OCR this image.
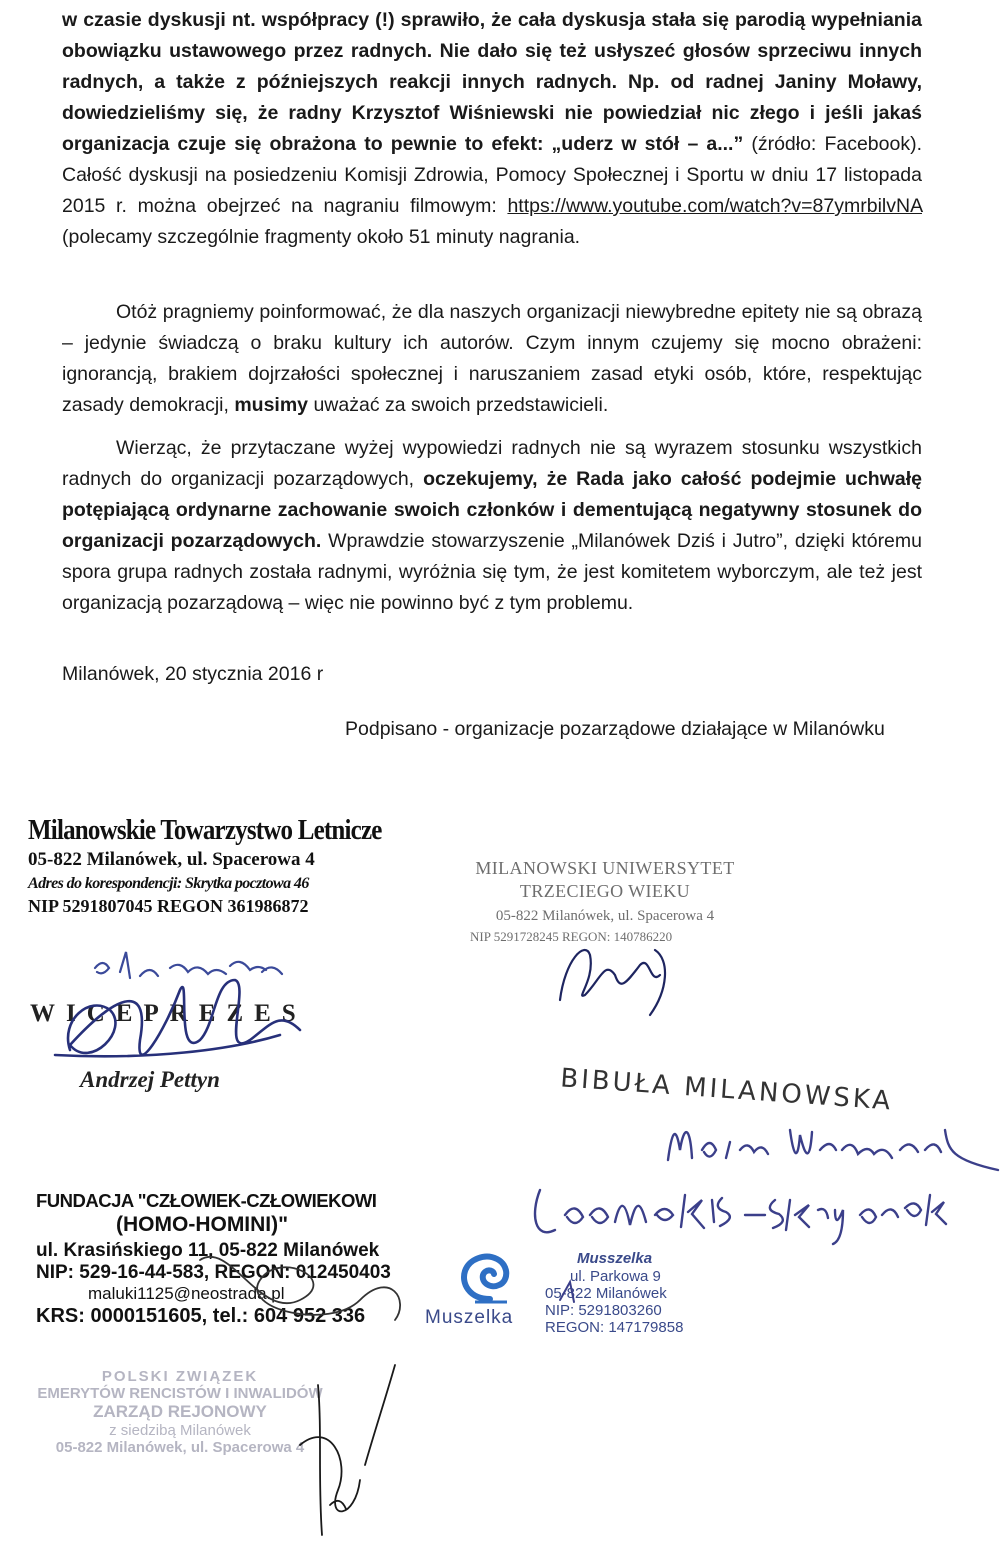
w czasie dyskusji nt. współpracy (!) sprawiło, że cała dyskusja stała się parodią wypełniania obowiązku ustawowego przez radnych. Nie dało się też usłyszeć głosów sprzeciwu innych radnych, a także z późniejszych reakcji innych radnych. Np. od radnej Janiny Moławy, dowiedzieliśmy się, że radny Krzysztof Wiśniewski nie powiedział nic złego i jeśli jakaś organizacja czuje się obrażona to pewnie to efekt: „uderz w stół – a...” (źródło: Facebook). Całość dyskusji na posiedzeniu Komisji Zdrowia, Pomocy Społecznej i Sportu w dniu 17 listopada 2015 r. można obejrzeć na nagraniu filmowym: https://www.youtube.com/watch?v=87ymrbilvNA (polecamy szczególnie fragmenty około 51 minuty nagrania.

Otóż pragniemy poinformować, że dla naszych organizacji niewybredne epitety nie są obrazą – jedynie świadczą o braku kultury ich autorów. Czym innym czujemy się mocno obrażeni: ignorancją, brakiem dojrzałości społecznej i naruszaniem zasad etyki osób, które, respektując zasady demokracji, musimy uważać za swoich przedstawicieli.

Wierząc, że przytaczane wyżej wypowiedzi radnych nie są wyrazem stosunku wszystkich radnych do organizacji pozarządowych, oczekujemy, że Rada jako całość podejmie uchwałę potępiającą ordynarne zachowanie swoich członków i dementującą negatywny stosunek do organizacji pozarządowych. Wprawdzie stowarzyszenie „Milanówek Dziś i Jutro”, dzięki któremu spora grupa radnych została radnymi, wyróżnia się tym, że jest komitetem wyborczym, ale też jest organizacją pozarządową – więc nie powinno być z tym problemu.

Milanówek, 20 stycznia 2016 r
Podpisano - organizacje pozarządowe działające w Milanówku
Milanowskie Towarzystwo Letnicze
05-822 Milanówek, ul. Spacerowa 4
Adres do korespondencji: Skrytka pocztowa 46
NIP 5291807045 REGON 361986872
WICEPREZES
Andrzej Pettyn
MILANOWSKI UNIWERSYTET
TRZECIEGO WIEKU
05-822 Milanówek, ul. Spacerowa 4
NIP 5291728245 REGON: 140786220
BIBUŁA MILANOWSKA
FUNDACJA "CZŁOWIEK-CZŁOWIEKOWI
(HOMO-HOMINI)"
ul. Krasińskiego 11, 05-822 Milanówek
NIP: 529-16-44-583, REGON: 012450403
maluki1125@neostrada.pl
KRS: 0000151605, tel.: 604 952 336	Muszelka
Musszelka
ul. Parkowa 9
05-822 Milanówek
NIP: 5291803260
REGON: 147179858
POLSKI ZWIĄZEK
EMERYTÓW RENCISTÓW I INWALIDÓW
ZARZĄD REJONOWY
z siedzibą Milanówek
05-822 Milanówek, ul. Spacerowa 4
